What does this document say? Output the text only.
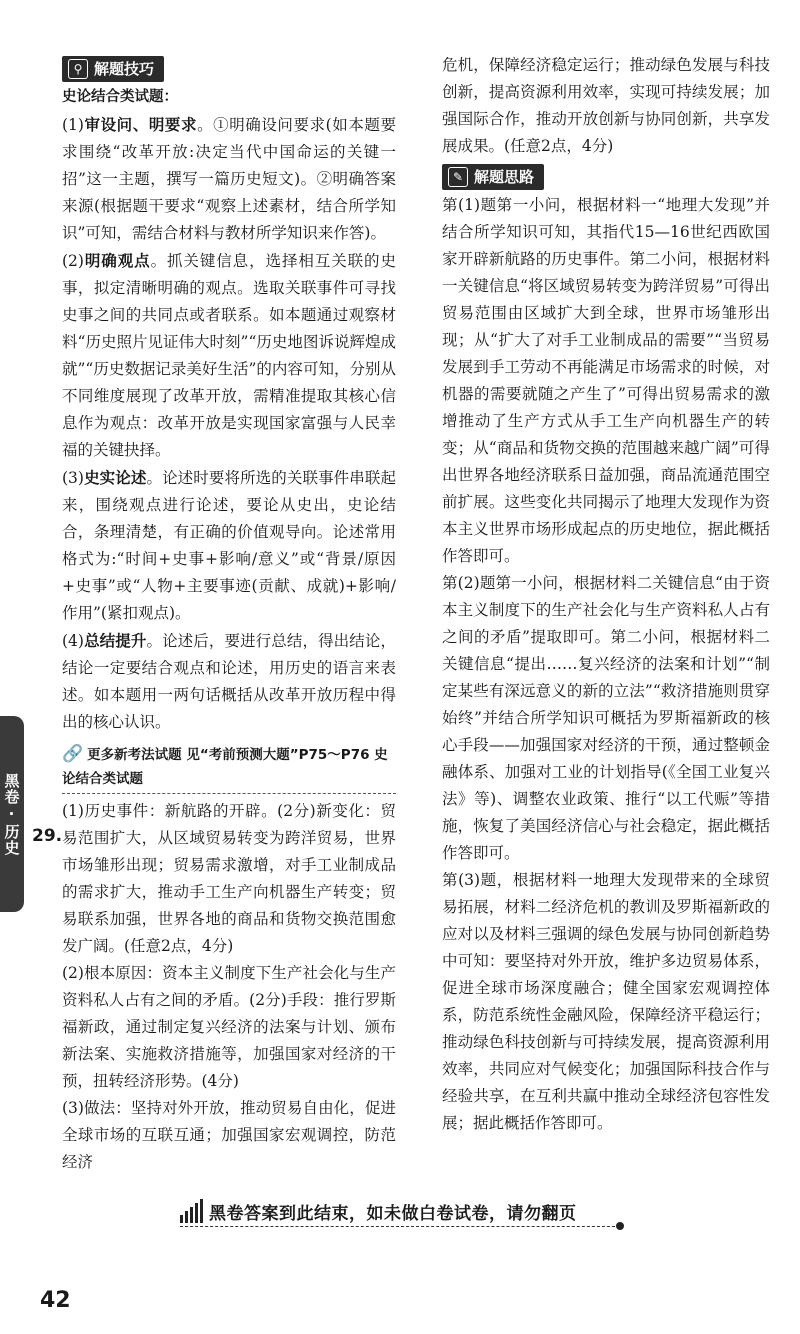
⚲ 解题技巧

史论结合类试题：

(1)审设问、明要求。①明确设问要求(如本题要求围绕“改革开放:决定当代中国命运的关键一招”这一主题，撰写一篇历史短文)。②明确答案来源(根据题干要求“观察上述素材，结合所学知识”可知，需结合材料与教材所学知识来作答)。

(2)明确观点。抓关键信息，选择相互关联的史事，拟定清晰明确的观点。选取关联事件可寻找史事之间的共同点或者联系。如本题通过观察材料“历史照片见证伟大时刻”“历史地图诉说辉煌成就”“历史数据记录美好生活”的内容可知，分别从不同维度展现了改革开放，需精准提取其核心信息作为观点：改革开放是实现国家富强与人民幸福的关键抉择。

(3)史实论述。论述时要将所选的关联事件串联起来，围绕观点进行论述，要论从史出，史论结合，条理清楚，有正确的价值观导向。论述常用格式为:“时间+史事+影响/意义”或“背景/原因+史事”或“人物+主要事迹(贡献、成就)+影响/作用”(紧扣观点)。

(4)总结提升。论述后，要进行总结，得出结论，结论一定要结合观点和论述，用历史的语言来表述。如本题用一两句话概括从改革开放历程中得出的核心认识。

🔗 更多新考法试题 见“考前预测大题”P75～P76 史论结合类试题

(1)历史事件：新航路的开辟。(2分)新变化：贸易范围扩大，从区域贸易转变为跨洋贸易，世界市场雏形出现；贸易需求激增，对手工业制成品的需求扩大，推动手工生产向机器生产转变；贸易联系加强，世界各地的商品和货物交换范围愈发广阔。(任意2点，4分)

(2)根本原因：资本主义制度下生产社会化与生产资料私人占有之间的矛盾。(2分)手段：推行罗斯福新政，通过制定复兴经济的法案与计划、颁布新法案、实施救济措施等，加强国家对经济的干预，扭转经济形势。(4分)

(3)做法：坚持对外开放，推动贸易自由化，促进全球市场的互联互通；加强国家宏观调控，防范经济

29.
黑卷·历史

危机，保障经济稳定运行；推动绿色发展与科技创新，提高资源利用效率，实现可持续发展；加强国际合作，推动开放创新与协同创新，共享发展成果。(任意2点，4分)

✎ 解题思路

第(1)题第一小问，根据材料一“地理大发现”并结合所学知识可知，其指代15—16世纪西欧国家开辟新航路的历史事件。第二小问，根据材料一关键信息“将区域贸易转变为跨洋贸易”可得出贸易范围由区域扩大到全球，世界市场雏形出现；从“扩大了对手工业制成品的需要”“当贸易发展到手工劳动不再能满足市场需求的时候，对机器的需要就随之产生了”可得出贸易需求的激增推动了生产方式从手工生产向机器生产的转变；从“商品和货物交换的范围越来越广阔”可得出世界各地经济联系日益加强，商品流通范围空前扩展。这些变化共同揭示了地理大发现作为资本主义世界市场形成起点的历史地位，据此概括作答即可。

第(2)题第一小问，根据材料二关键信息“由于资本主义制度下的生产社会化与生产资料私人占有之间的矛盾”提取即可。第二小问，根据材料二关键信息“提出……复兴经济的法案和计划”“制定某些有深远意义的新的立法”“救济措施则贯穿始终”并结合所学知识可概括为罗斯福新政的核心手段——加强国家对经济的干预，通过整顿金融体系、加强对工业的计划指导(《全国工业复兴法》等)、调整农业政策、推行“以工代赈”等措施，恢复了美国经济信心与社会稳定，据此概括作答即可。

第(3)题，根据材料一地理大发现带来的全球贸易拓展，材料二经济危机的教训及罗斯福新政的应对以及材料三强调的绿色发展与协同创新趋势中可知：要坚持对外开放，维护多边贸易体系，促进全球市场深度融合；健全国家宏观调控体系，防范系统性金融风险，保障经济平稳运行；推动绿色科技创新与可持续发展，提高资源利用效率，共同应对气候变化；加强国际科技合作与经验共享，在互利共赢中推动全球经济包容性发展；据此概括作答即可。

黑卷答案到此结束，如未做白卷试卷，请勿翻页
42
